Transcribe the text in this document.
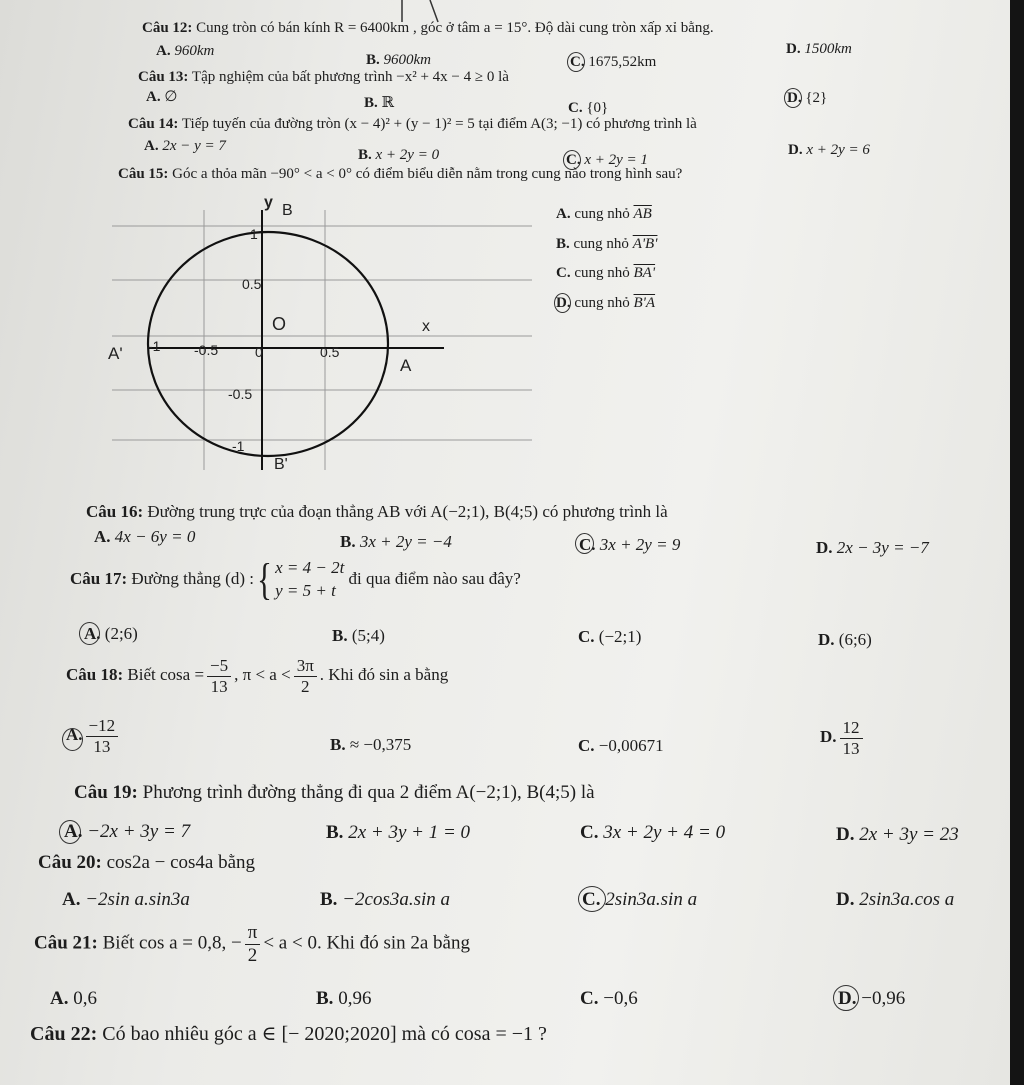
Câu 12: Cung tròn có bán kính R = 6400km , góc ở tâm a = 15°. Độ dài cung tròn xấp xỉ bằng.
A. 960km
B. 9600km	C. 1675,52km
D. 1500km
Câu 13: Tập nghiệm của bất phương trình −x² + 4x − 4 ≥ 0 là
A. ∅	B. ℝ	C. {0}
D. {2}
Câu 14: Tiếp tuyến của đường tròn (x − 4)² + (y − 1)² = 5 tại điểm A(3; −1) có phương trình là
A. 2x − y = 7
B. x + 2y = 0	C. x + 2y = 1
D. x + 2y = 6
Câu 15: Góc a thỏa mãn −90° < a < 0° có điểm biểu diễn nằm trong cung nào trong hình sau?
A. cung nhỏ $\overline{AB}$
B. cung nhỏ A'B'
C. cung nhỏ BA'
D. cung nhỏ B'A
y B
1
0.5
O	x
A' -1 -0.5	0	0.5
A
-0.5
-1
B'
Câu 16: Đường trung trực của đoạn thẳng AB với A(−2;1), B(4;5) có phương trình là
A. 4x − 6y = 0	B. 3x + 2y = −4	C. 3x + 2y = 9	D. 2x − 3y = −7
Câu 17: Đường thẳng (d) :{ x = 4 − 2t
y = 5 + t
đi qua điểm nào sau đây?
A. (2;6)	B. (5;4)	C. (−2;1)	D. (6;6)
Câu 18: Biết $\cos a = \frac{-5}{13}$ , $\pi < a < \frac{3\pi}{2}$ . Khi đó sin a bằng
A. $\frac{-12}{13}$	B. ≈ −0,375	C. −0,00671	D. $\frac{12}{13}$
Câu 19: Phương trình đường thẳng đi qua 2 điểm A(−2;1), B(4;5) là
A. −2x + 3y = 7	B. 2x + 3y + 1 = 0	C. 3x + 2y + 4 = 0	D. 2x + 3y = 23
Câu 20: cos2a − cos4a bằng
A. −2sin a.sin3a	B. −2cos3a.sin a	C. 2sin3a.sin a	D. 2sin3a.cos a
Câu 21: Biết cos a = 0,8, − $\frac{\pi}{2} < a < 0$. Khi đó sin 2a bằng
A. 0,6	B. 0,96	C. −0,6	D. −0,96
Câu 22: Có bao nhiêu góc a ∈ [− 2020;2020] mà có cosa = −1 ?
